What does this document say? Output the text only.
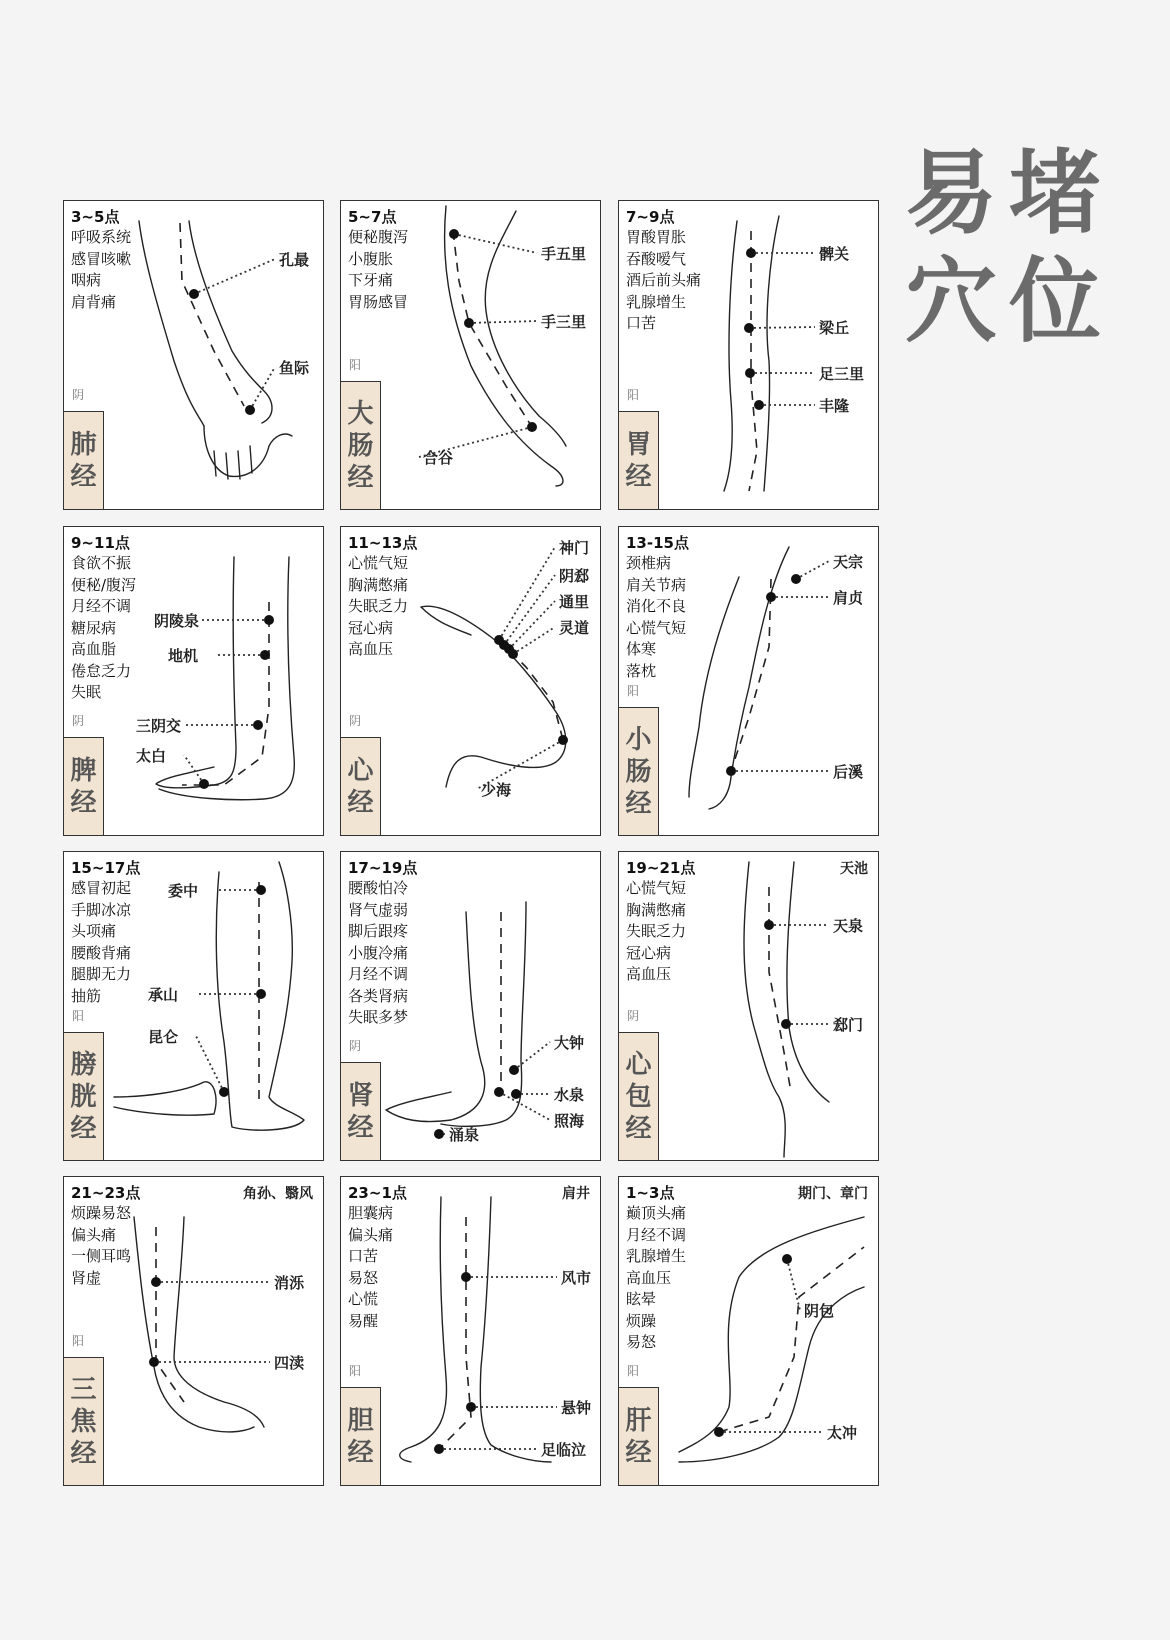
易堵
穴位
3~5点
呼吸系统
感冒咳嗽
咽病
肩背痛
阴
肺
经
孔最
鱼际
5~7点
便秘腹泻
小腹胀
下牙痛
胃肠感冒
阳
大
肠
经
手五里
手三里
合谷
7~9点
胃酸胃胀
吞酸嗳气
酒后前头痛
乳腺增生
口苦
阳
胃
经
髀关
梁丘
足三里
丰隆
9~11点
食欲不振
便秘/腹泻
月经不调
糖尿病
高血脂
倦怠乏力
失眠
阴
脾
经
阴陵泉
地机
三阴交
太白
11~13点
心慌气短
胸满憋痛
失眠乏力
冠心病
高血压
阴
心
经
神门
阴郄
通里
灵道
少海
13-15点
颈椎病
肩关节病
消化不良
心慌气短
体寒
落枕
阳
小
肠
经
天宗
肩贞
后溪
15~17点
感冒初起
手脚冰凉
头项痛
腰酸背痛
腿脚无力
抽筋
阳
膀
胱
经
委中
承山
昆仑
17~19点
腰酸怕冷
肾气虚弱
脚后跟疼
小腹冷痛
月经不调
各类肾病
失眠多梦
阴
肾
经
大钟
水泉
照海
涌泉
19~21点
心慌气短
胸满憋痛
失眠乏力
冠心病
高血压
天池
阴
心
包
经
天泉
郄门
21~23点
烦躁易怒
偏头痛
一侧耳鸣
肾虚
角孙、翳风
阳
三
焦
经
消泺
四渎
23~1点
胆囊病
偏头痛
口苦
易怒
心慌
易醒
肩井
阳
胆
经
风市
悬钟
足临泣
1~3点
巅顶头痛
月经不调
乳腺增生
高血压
眩晕
烦躁
易怒
期门、章门
阳
肝
经
阴包
太冲
